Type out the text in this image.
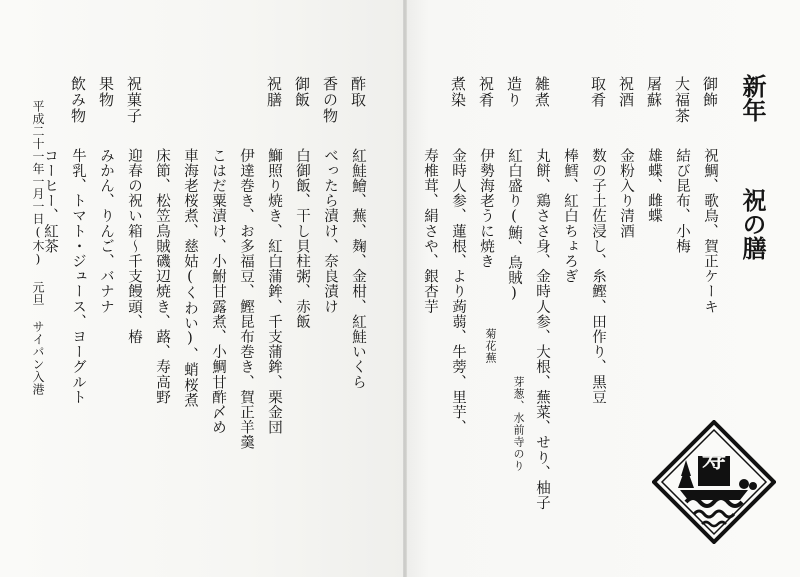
新年
祝の膳
御飾
祝鯛、歌鳥、賀正ケーキ
大福茶
結び昆布、小梅
屠蘇
雄蝶、雌蝶
祝酒
金粉入り清酒
取肴
数の子土佐浸し、糸鰹、田作り、黒豆
棒鱈、紅白ちょろぎ
雑煮
丸餅、鶏ささ身、金時人参、大根、蕪菜、せり、柚子
造り
紅白盛り(鮪、鳥賊)
芽葱、水前寺のり
祝肴
伊勢海老うに焼き
菊花蕪
煮染
金時人参、蓮根、より蒟蒻、牛蒡、里芋、
寿椎茸、絹さや、銀杏芋
酢取
紅鮭鱠、蕪、麹、金柑、紅鮭いくら
香の物
べったら漬け、奈良漬け
御飯
白御飯、干し貝柱粥、赤飯
祝膳
鰤照り焼き、紅白蒲鉾、千支蒲鉾、栗金団
伊達巻き、お多福豆、鰹昆布巻き、賀正羊羹
こはだ粟漬け、小鮒甘露煮、小鯛甘酢〆め
車海老桜煮、慈姑(くわい)、蛸桜煮
床節、松笠鳥賊磯辺焼き、蕗、寿高野
祝菓子
迎春の祝い箱〜千支饅頭、椿
果物
みかん、りんご、バナナ
飲み物
牛乳、トマト・ジュース、ヨーグルト
コーヒー、紅茶
平成二十一年一月一日(木) 元旦 サイパン入港
寿
